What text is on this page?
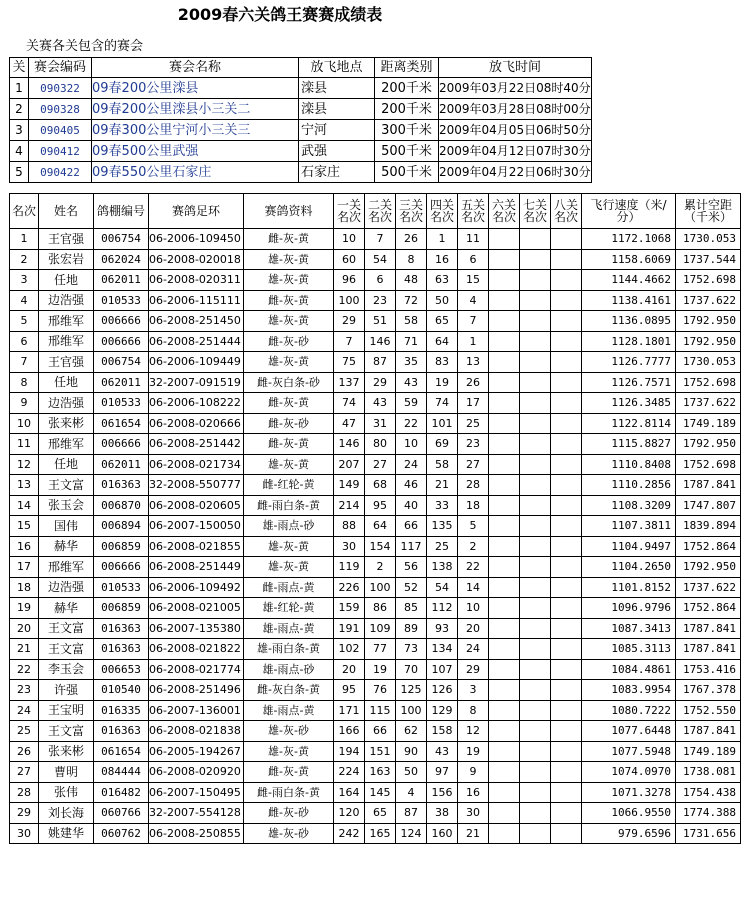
2009春六关鸽王赛赛成绩表
关赛各关包含的赛会
关	赛会编码	赛会名称	放飞地点	距离类别	放飞时间
1	090322	09春200公里滦县	滦县	200千米	2009年03月22日08时40分
2	090328	09春200公里滦县小三关二	滦县	200千米	2009年03月28日08时00分
3	090405	09春300公里宁河小三关三	宁河	300千米	2009年04月05日06时50分
4	090412	09春500公里武强	武强	500千米	2009年04月12日07时30分
5	090422	09春550公里石家庄	石家庄	500千米	2009年04月22日06时30分
名次	姓名	鸽棚编号	赛鸽足环	赛鸽资料	一关名次	二关名次	三关名次	四关名次	五关名次	六关名次	七关名次	八关名次	飞行速度（米/分）	累计空距（千米）
1	王官强	006754	06-2006-109450	雌-灰-黄	10	7	26	1	11				1172.1068	1730.053
2	张宏岩	062024	06-2008-020018	雄-灰-黄	60	54	8	16	6				1158.6069	1737.544
3	任地	062011	06-2008-020311	雄-灰-黄	96	6	48	63	15				1144.4662	1752.698
4	边浩强	010533	06-2006-115111	雌-灰-黄	100	23	72	50	4				1138.4161	1737.622
5	邢维军	006666	06-2008-251450	雄-灰-黄	29	51	58	65	7				1136.0895	1792.950
6	邢维军	006666	06-2008-251444	雌-灰-砂	7	146	71	64	1				1128.1801	1792.950
7	王官强	006754	06-2006-109449	雄-灰-黄	75	87	35	83	13				1126.7777	1730.053
8	任地	062011	32-2007-091519	雌-灰白条-砂	137	29	43	19	26				1126.7571	1752.698
9	边浩强	010533	06-2006-108222	雌-灰-黄	74	43	59	74	17				1126.3485	1737.622
10	张来彬	061654	06-2008-020666	雌-灰-砂	47	31	22	101	25				1122.8114	1749.189
11	邢维军	006666	06-2008-251442	雌-灰-黄	146	80	10	69	23				1115.8827	1792.950
12	任地	062011	06-2008-021734	雄-灰-黄	207	27	24	58	27				1110.8408	1752.698
13	王文富	016363	32-2008-550777	雌-红轮-黄	149	68	46	21	28				1110.2856	1787.841
14	张玉会	006870	06-2008-020605	雌-雨白条-黄	214	95	40	33	18				1108.3209	1747.807
15	国伟	006894	06-2007-150050	雄-雨点-砂	88	64	66	135	5				1107.3811	1839.894
16	赫华	006859	06-2008-021855	雄-灰-黄	30	154	117	25	2				1104.9497	1752.864
17	邢维军	006666	06-2008-251449	雄-灰-黄	119	2	56	138	22				1104.2650	1792.950
18	边浩强	010533	06-2006-109492	雌-雨点-黄	226	100	52	54	14				1101.8152	1737.622
19	赫华	006859	06-2008-021005	雄-红轮-黄	159	86	85	112	10				1096.9796	1752.864
20	王文富	016363	06-2007-135380	雄-雨点-黄	191	109	89	93	20				1087.3413	1787.841
21	王文富	016363	06-2008-021822	雄-雨白条-黄	102	77	73	134	24				1085.3113	1787.841
22	李玉会	006653	06-2008-021774	雄-雨点-砂	20	19	70	107	29				1084.4861	1753.416
23	许强	010540	06-2008-251496	雌-灰白条-黄	95	76	125	126	3				1083.9954	1767.378
24	王宝明	016335	06-2007-136001	雄-雨点-黄	171	115	100	129	8				1080.7222	1752.550
25	王文富	016363	06-2008-021838	雄-灰-砂	166	66	62	158	12				1077.6448	1787.841
26	张来彬	061654	06-2005-194267	雄-灰-黄	194	151	90	43	19				1077.5948	1749.189
27	曹明	084444	06-2008-020920	雌-灰-黄	224	163	50	97	9				1074.0970	1738.081
28	张伟	016482	06-2007-150495	雌-雨白条-黄	164	145	4	156	16				1071.3278	1754.438
29	刘长海	060766	32-2007-554128	雌-灰-砂	120	65	87	38	30				1066.9550	1774.388
30	姚建华	060762	06-2008-250855	雄-灰-砂	242	165	124	160	21				979.6596	1731.656
